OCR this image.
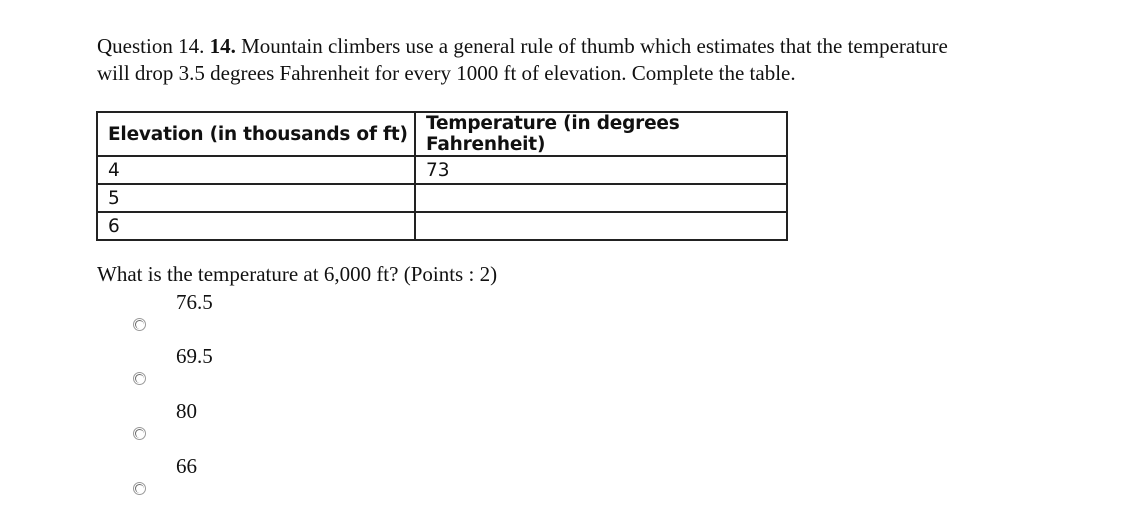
Question 14. 14. Mountain climbers use a general rule of thumb which estimates that the temperature will drop 3.5 degrees Fahrenheit for every 1000 ft of elevation. Complete the table.
Elevation (in thousands of ft)	Temperature (in degrees Fahrenheit)
4	73
5	
6	
What is the temperature at 6,000 ft? (Points : 2)
76.5
69.5
80
66
